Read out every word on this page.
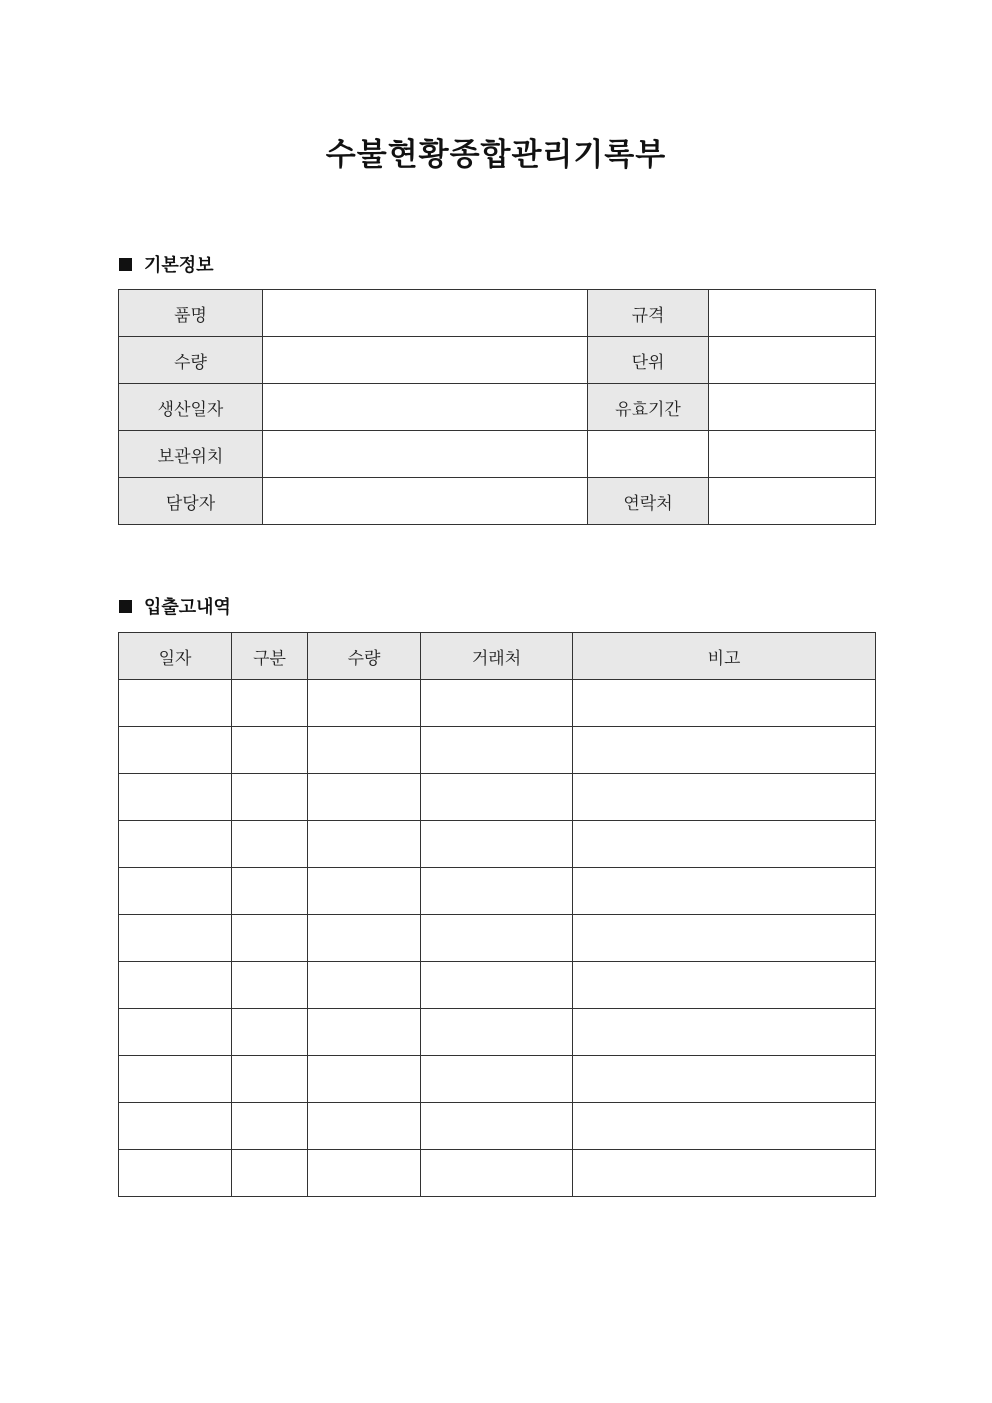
수불현황종합관리기록부
기본정보
품명		규격	
수량		단위	
생산일자		유효기간	
보관위치			
담당자		연락처	
입출고내역
일자	구분	수량	거래처	비고
